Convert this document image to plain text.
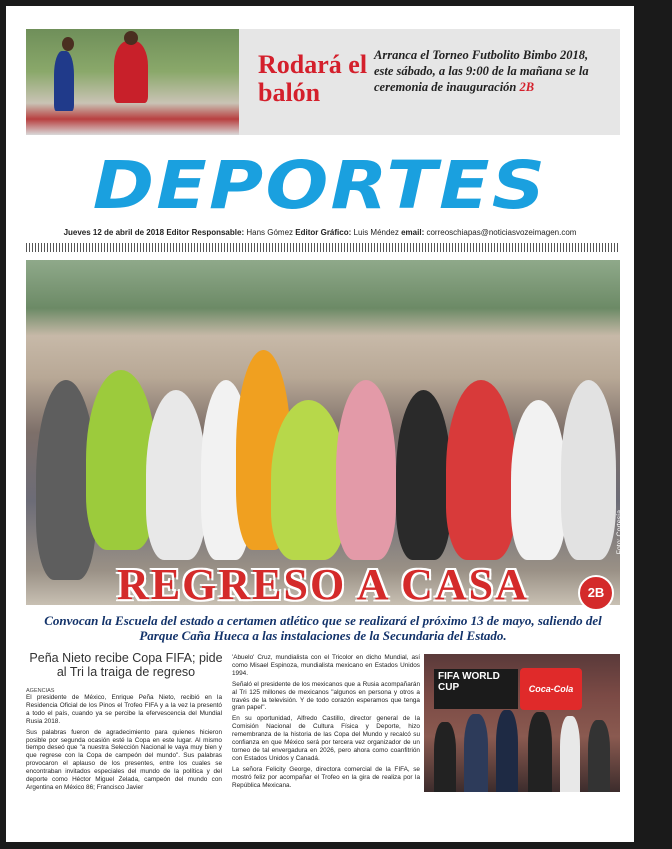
Rodará el balón
Arranca el Torneo Futbolito Bimbo 2018, este sábado, a las 9:00 de la mañana se la ceremonia de inauguración 2B
DEPORTES
Jueves 12 de abril de 2018 Editor Responsable: Hans Gómez Editor Gráfico: Luis Méndez email: correoschiapas@noticiasvozeimagen.com
Foto: Cortesía
REGRESO A CASA	2B
Convocan la Escuela del estado a certamen atlético que se realizará el próximo 13 de mayo, saliendo del Parque Caña Hueca a las instalaciones de la Secundaria del Estado.
Peña Nieto recibe Copa FIFA; pide al Tri la traiga de regreso
AGENCIAS

El presidente de México, Enrique Peña Nieto, recibió en la Residencia Oficial de los Pinos el Trofeo FIFA y a la vez la presentó a todo el país, cuando ya se percibe la efervescencia del Mundial Rusia 2018.

Sus palabras fueron de agradecimiento para quienes hicieron posible por segunda ocasión esté la Copa en este lugar. Al mismo tiempo deseó que "a nuestra Selección Nacional le vaya muy bien y que regrese con la Copa de campeón del mundo". Sus palabras provocaron el aplauso de los presentes, entre los cuales se encontraban invitados especiales del mundo de la política y del deporte como Héctor Miguel Zelada, campeón del mundo con Argentina en México 86; Francisco Javier

'Abuelo' Cruz, mundialista con el Tricolor en dicho Mundial, así como Misael Espinoza, mundialista mexicano en Estados Unidos 1994.

Señaló el presidente de los mexicanos que a Rusia acompañarán al Tri 125 millones de mexicanos "algunos en persona y otros a través de la televisión. Y de todo corazón esperamos que tenga gran papel".

En su oportunidad, Alfredo Castillo, director general de la Comisión Nacional de Cultura Física y Deporte, hizo remembranza de la historia de las Copa del Mundo y recalcó su confianza en que México será por tercera vez organizador de un torneo de tal envergadura en 2026, pero ahora como coanfitrión con Estados Unidos y Canadá.

La señora Felicity George, directora comercial de la FIFA, se mostró feliz por acompañar el Trofeo en la gira de realiza por la República Mexicana.

FIFA WORLD CUP	Coca-Cola
